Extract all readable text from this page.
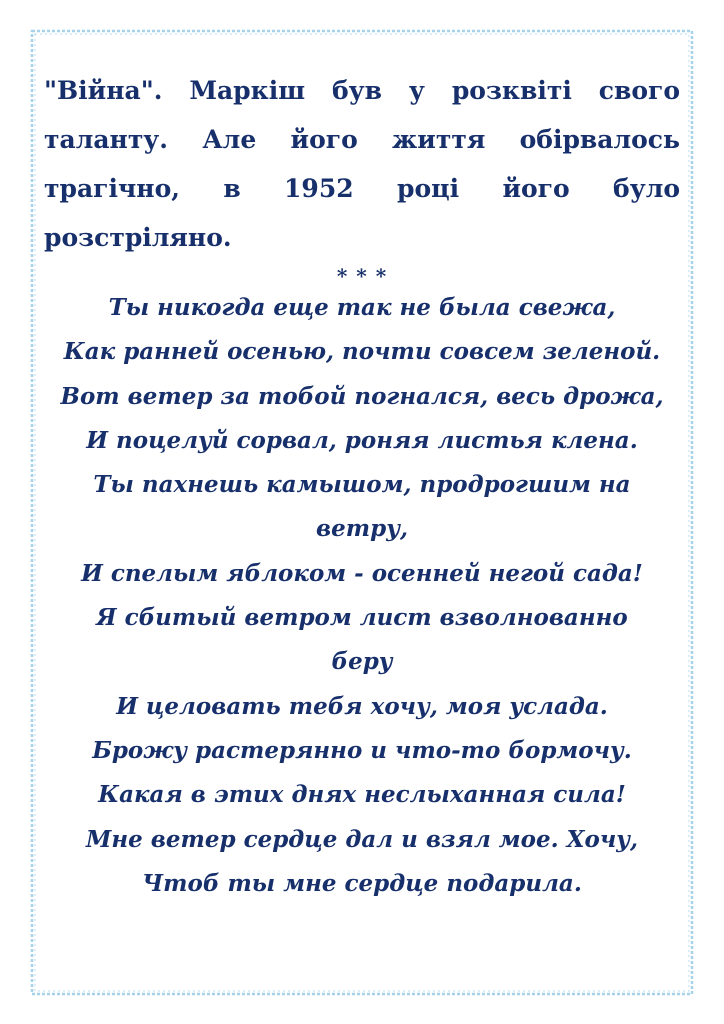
"Війна". Маркіш був у розквіті свого таланту. Але його життя обірвалось трагічно, в 1952 році його було розстріляно.

* * *
Ты никогда еще так не была свежа,
Как ранней осенью, почти совсем зеленой.
Вот ветер за тобой погнался, весь дрожа,
И поцелуй сорвал, роняя листья клена.
Ты пахнешь камышом, продрогшим на
ветру,
И спелым яблоком - осенней негой сада!
Я сбитый ветром лист взволнованно
беру
И целовать тебя хочу, моя услада.
Брожу растерянно и что-то бормочу.
Какая в этих днях неслыханная сила!
Мне ветер сердце дал и взял мое. Хочу,
Чтоб ты мне сердце подарила.
